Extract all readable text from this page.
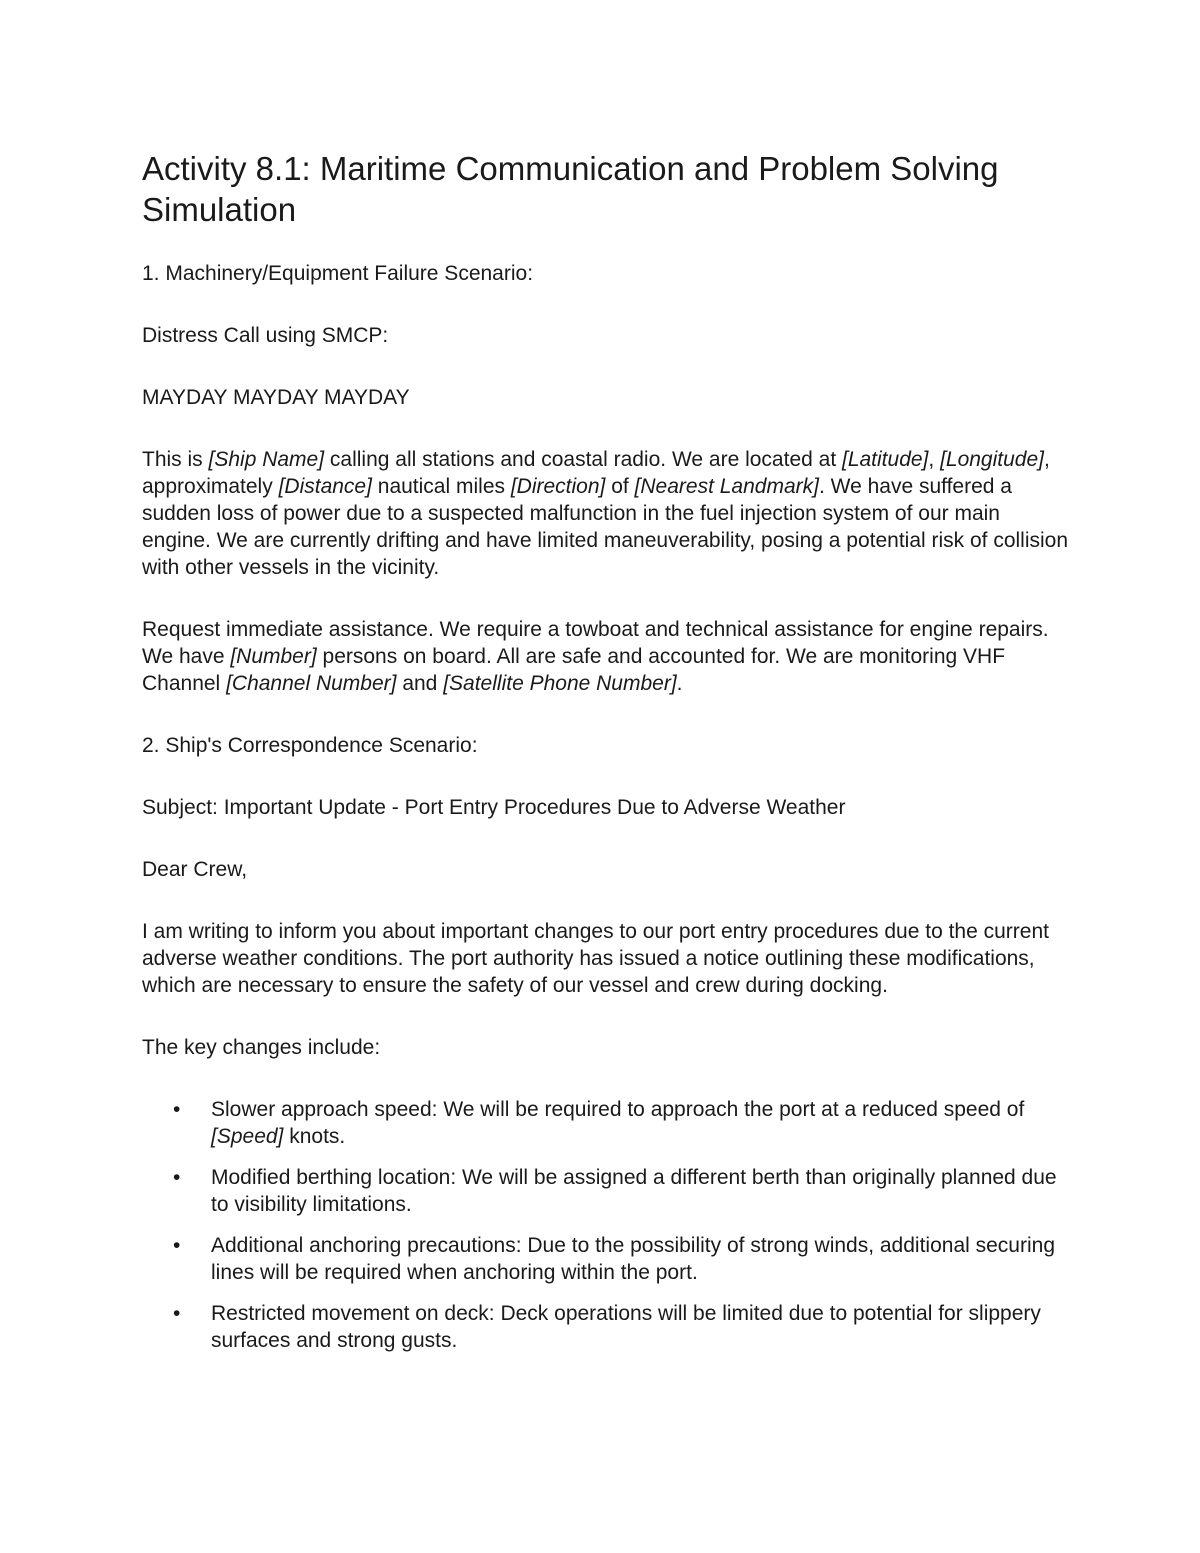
Activity 8.1: Maritime Communication and Problem Solving Simulation

1. Machinery/Equipment Failure Scenario:

Distress Call using SMCP:

MAYDAY MAYDAY MAYDAY

This is [Ship Name] calling all stations and coastal radio. We are located at [Latitude], [Longitude], approximately [Distance] nautical miles [Direction] of [Nearest Landmark]. We have suffered a sudden loss of power due to a suspected malfunction in the fuel injection system of our main engine. We are currently drifting and have limited maneuverability, posing a potential risk of collision with other vessels in the vicinity.

Request immediate assistance. We require a towboat and technical assistance for engine repairs. We have [Number] persons on board. All are safe and accounted for. We are monitoring VHF Channel [Channel Number] and [Satellite Phone Number].

2. Ship's Correspondence Scenario:

Subject: Important Update - Port Entry Procedures Due to Adverse Weather

Dear Crew,

I am writing to inform you about important changes to our port entry procedures due to the current adverse weather conditions. The port authority has issued a notice outlining these modifications, which are necessary to ensure the safety of our vessel and crew during docking.

The key changes include:

• Slower approach speed: We will be required to approach the port at a reduced speed of [Speed] knots.
• Modified berthing location: We will be assigned a different berth than originally planned due to visibility limitations.
• Additional anchoring precautions: Due to the possibility of strong winds, additional securing lines will be required when anchoring within the port.
• Restricted movement on deck: Deck operations will be limited due to potential for slippery surfaces and strong gusts.
